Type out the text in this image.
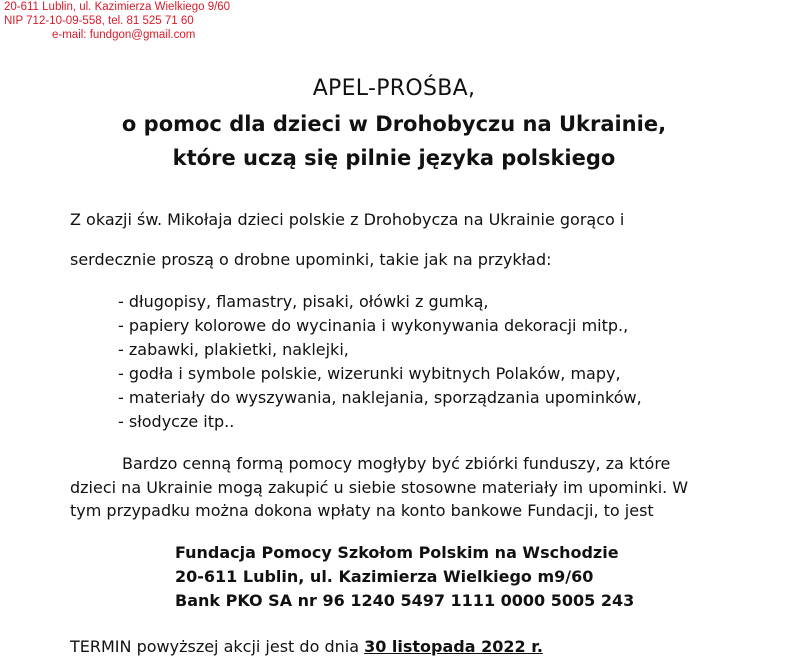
20-611 Lublin, ul. Kazimierza Wielkiego 9/60
NIP 712-10-09-558, tel. 81 525 71 60
e-mail: fundgon@gmail.com
APEL-PROŚBA,
o pomoc dla dzieci w Drohobyczu na Ukrainie,
które uczą się pilnie języka polskiego
Z okazji św. Mikołaja dzieci polskie z Drohobycza na Ukrainie gorąco i
serdecznie proszą o drobne upominki, takie jak na przykład:
- długopisy, flamastry, pisaki, ołówki z gumką,
- papiery kolorowe do wycinania i wykonywania dekoracji mitp.,
- zabawki, plakietki, naklejki,
- godła i symbole polskie, wizerunki wybitnych Polaków, mapy,
- materiały do wyszywania, naklejania, sporządzania upominków,
- słodycze itp..
Bardzo cenną formą pomocy mogłyby być zbiórki funduszy, za które
dzieci na Ukrainie mogą zakupić u siebie stosowne materiały im upominki. W
tym przypadku można dokona wpłaty na konto bankowe Fundacji, to jest
Fundacja Pomocy Szkołom Polskim na Wschodzie
20-611 Lublin, ul. Kazimierza Wielkiego m9/60
Bank PKO SA nr 96 1240 5497 1111 0000 5005 243
TERMIN powyższej akcji jest do dnia 30 listopada 2022 r.
